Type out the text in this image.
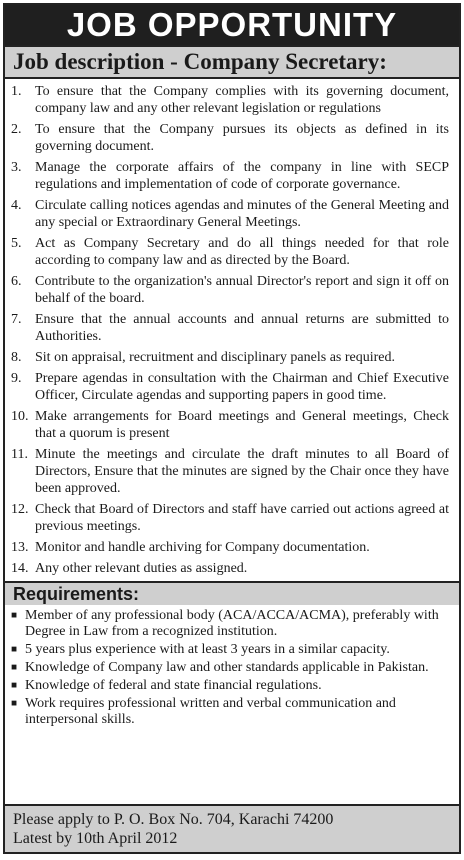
JOB OPPORTUNITY
Job description - Company Secretary:
1. To ensure that the Company complies with its governing document, company law and any other relevant legislation or regulations
2. To ensure that the Company pursues its objects as defined in its governing document.
3. Manage the corporate affairs of the company in line with SECP regulations and implementation of code of corporate governance.
4. Circulate calling notices agendas and minutes of the General Meeting and any special or Extraordinary General Meetings.
5. Act as Company Secretary and do all things needed for that role according to company law and as directed by the Board.
6. Contribute to the organization's annual Director's report and sign it off on behalf of the board.
7. Ensure that the annual accounts and annual returns are submitted to Authorities.
8. Sit on appraisal, recruitment and disciplinary panels as required.
9. Prepare agendas in consultation with the Chairman and Chief Executive Officer, Circulate agendas and supporting papers in good time.
10. Make arrangements for Board meetings and General meetings, Check that a quorum is present
11. Minute the meetings and circulate the draft minutes to all Board of Directors, Ensure that the minutes are signed by the Chair once they have been approved.
12. Check that Board of Directors and staff have carried out actions agreed at previous meetings.
13. Monitor and handle archiving for Company documentation.
14. Any other relevant duties as assigned.
Requirements:
■ Member of any professional body (ACA/ACCA/ACMA), preferably with Degree in Law from a recognized institution.
■ 5 years plus experience with at least 3 years in a similar capacity.
■ Knowledge of Company law and other standards applicable in Pakistan.
■ Knowledge of federal and state financial regulations.
■ Work requires professional written and verbal communication and interpersonal skills.
Please apply to P. O. Box No. 704, Karachi 74200
Latest by 10th April 2012
